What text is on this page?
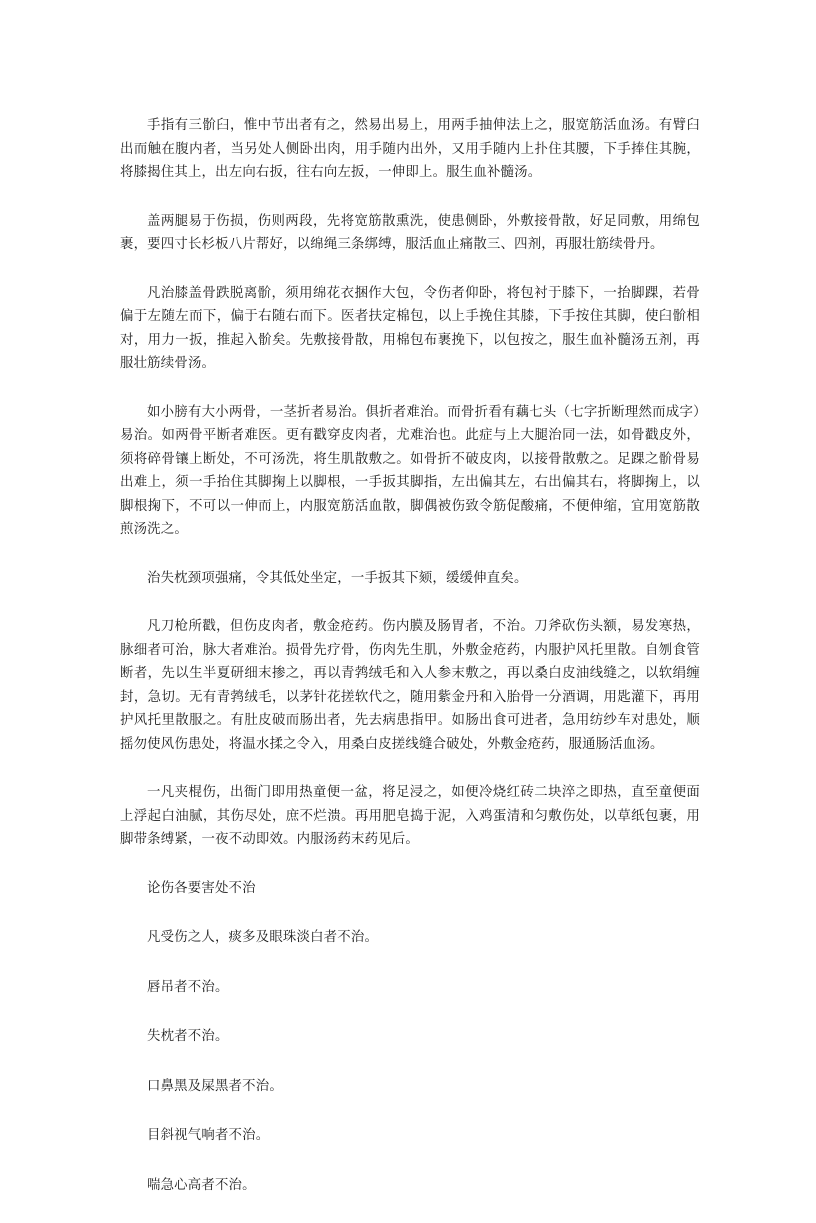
手指有三骱臼，惟中节出者有之，然易出易上，用两手抽伸法上之，服宽筋活血汤。有臂臼出而触在腹内者，当另处人侧卧出肉，用手随内出外，又用手随内上扑住其腰，下手捧住其腕，将膝揭住其上，出左向右扳，往右向左扳，一伸即上。服生血补髓汤。

盖两腿易于伤损，伤则两段，先将宽筋散熏洗，使患侧卧，外敷接骨散，好足同敷，用绵包裹，要四寸长杉板八片帮好，以绵绳三条绑缚，服活血止痛散三、四剂，再服壮筋续骨丹。

凡治膝盖骨跌脱离骱，须用绵花衣捆作大包，令伤者仰卧，将包衬于膝下，一抬脚踝，若骨偏于左随左而下，偏于右随右而下。医者扶定棉包，以上手挽住其膝，下手按住其脚，使臼骱相对，用力一扳，推起入骱矣。先敷接骨散，用棉包布裹挽下，以包按之，服生血补髓汤五剂，再服壮筋续骨汤。

如小膀有大小两骨，一茎折者易治。俱折者难治。而骨折看有藕七头（七字折断理然而成字）易治。如两骨平断者难医。更有戳穿皮肉者，尤难治也。此症与上大腿治同一法，如骨戳皮外，须将碎骨镶上断处，不可汤洗，将生肌散敷之。如骨折不破皮肉，以接骨散敷之。足踝之骱骨易出难上，须一手抬住其脚掬上以脚根，一手扳其脚指，左出偏其左，右出偏其右，将脚掬上，以脚根掬下，不可以一伸而上，内服宽筋活血散，脚偶被伤致令筋促酸痛，不便伸缩，宜用宽筋散煎汤洗之。

治失枕颈项强痛，令其低处坐定，一手扳其下颏，缓缓伸直矣。

凡刀枪所戳，但伤皮肉者，敷金疮药。伤内膜及肠胃者，不治。刀斧砍伤头额，易发寒热，脉细者可治，脉大者难治。损骨先疗骨，伤肉先生肌，外敷金疮药，内服护风托里散。自刎食管断者，先以生半夏研细末掺之，再以青鹁绒毛和入人参末敷之，再以桑白皮油线缝之，以软绢缠封，急切。无有青鹁绒毛，以茅针花搓软代之，随用紫金丹和入胎骨一分酒调，用匙灌下，再用护风托里散服之。有肚皮破而肠出者，先去病患指甲。如肠出食可进者，急用纺纱车对患处，顺摇勿使风伤患处，将温水揉之令入，用桑白皮搓线缝合破处，外敷金疮药，服通肠活血汤。

一凡夹棍伤，出衙门即用热童便一盆，将足浸之，如便冷烧红砖二块淬之即热，直至童便面上浮起白油腻，其伤尽处，庶不烂溃。再用肥皂捣于泥，入鸡蛋清和匀敷伤处，以草纸包裹，用脚带条缚紧，一夜不动即效。内服汤药末药见后。

论伤各要害处不治

凡受伤之人，痰多及眼珠淡白者不治。

唇吊者不治。

失枕者不治。

口鼻黑及屎黑者不治。

目斜视气响者不治。

喘急心高者不治。
